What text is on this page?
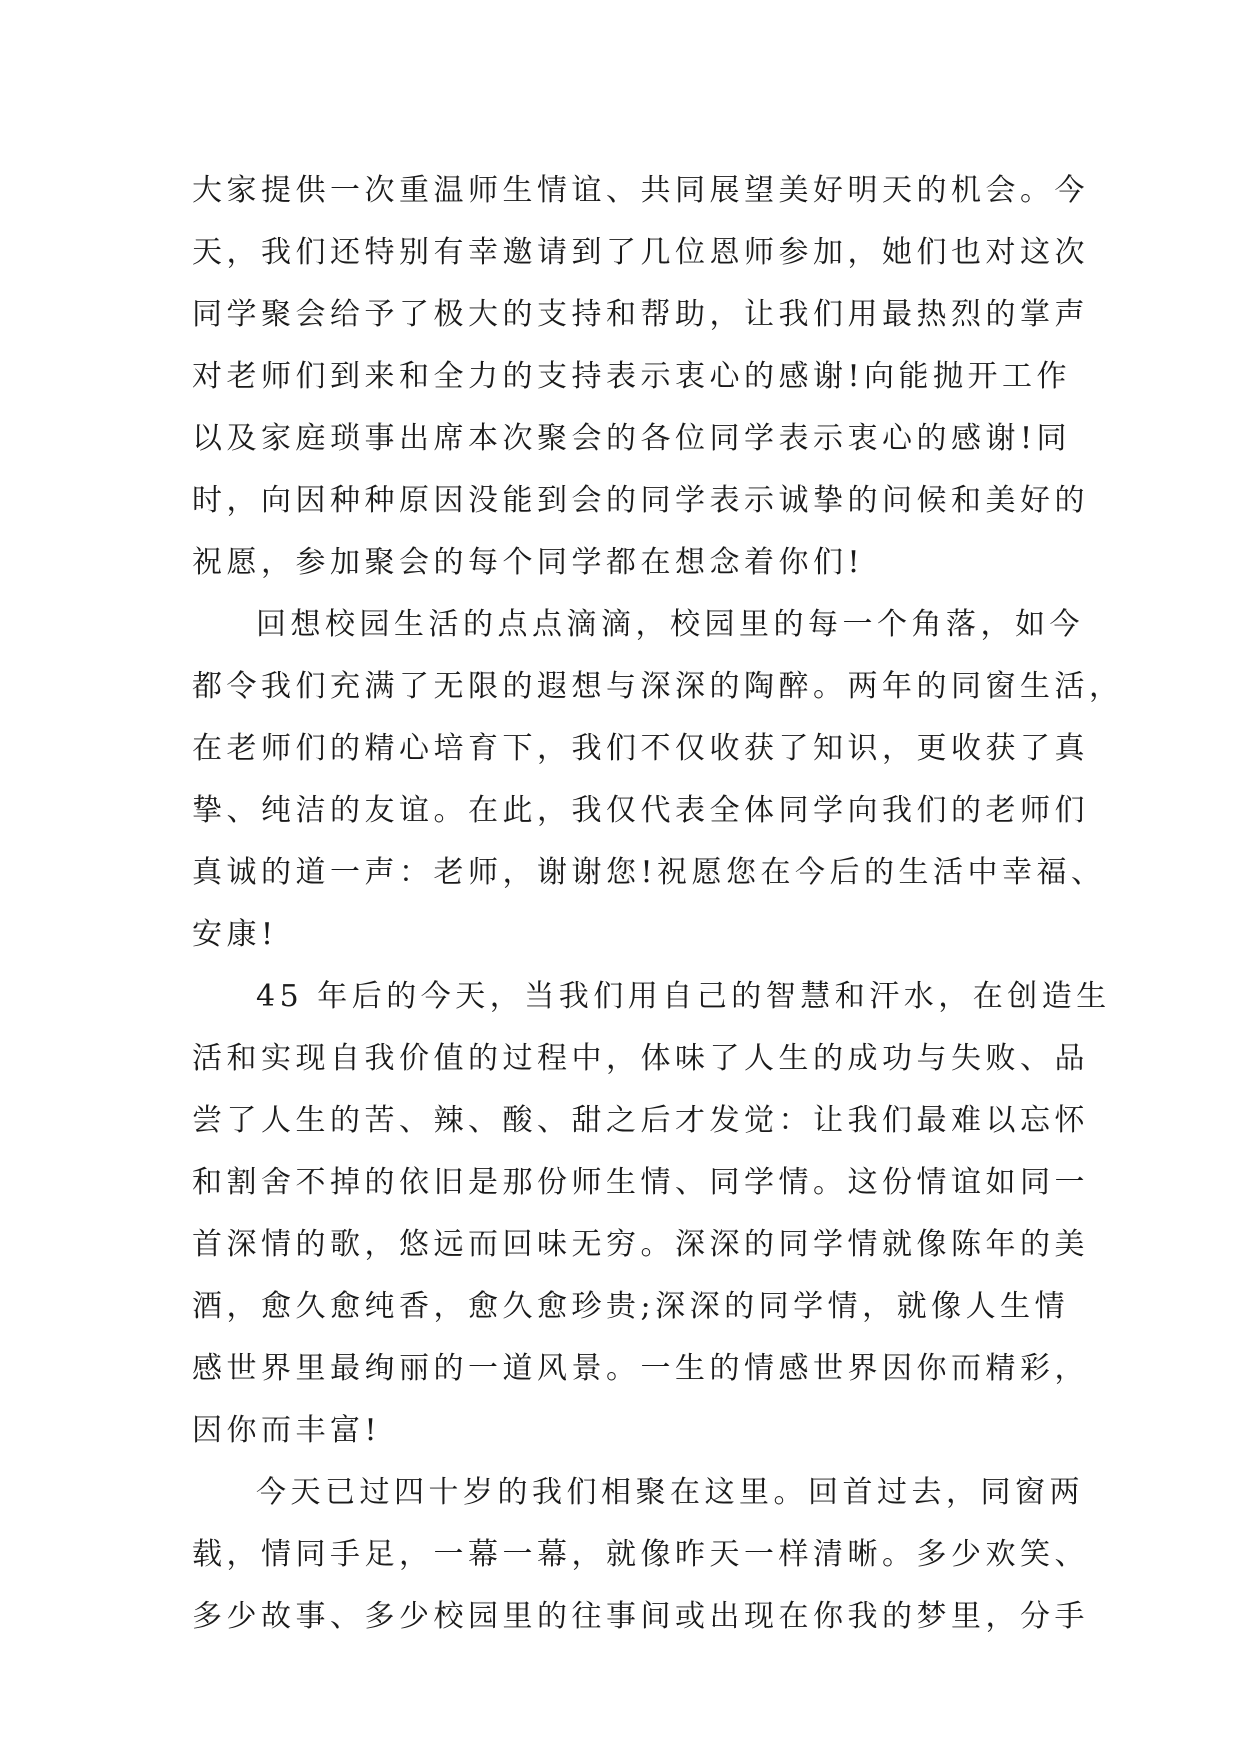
大家提供一次重温师生情谊、共同展望美好明天的机会。今
天，我们还特别有幸邀请到了几位恩师参加，她们也对这次
同学聚会给予了极大的支持和帮助，让我们用最热烈的掌声
对老师们到来和全力的支持表示衷心的感谢!向能抛开工作
以及家庭琐事出席本次聚会的各位同学表示衷心的感谢!同
时，向因种种原因没能到会的同学表示诚挚的问候和美好的
祝愿，参加聚会的每个同学都在想念着你们!
回想校园生活的点点滴滴，校园里的每一个角落，如今
都令我们充满了无限的遐想与深深的陶醉。两年的同窗生活，
在老师们的精心培育下，我们不仅收获了知识，更收获了真
挚、纯洁的友谊。在此，我仅代表全体同学向我们的老师们
真诚的道一声：老师，谢谢您!祝愿您在今后的生活中幸福、
安康!
45 年后的今天，当我们用自己的智慧和汗水，在创造生
活和实现自我价值的过程中，体味了人生的成功与失败、品
尝了人生的苦、辣、酸、甜之后才发觉：让我们最难以忘怀
和割舍不掉的依旧是那份师生情、同学情。这份情谊如同一
首深情的歌，悠远而回味无穷。深深的同学情就像陈年的美
酒，愈久愈纯香，愈久愈珍贵;深深的同学情，就像人生情
感世界里最绚丽的一道风景。一生的情感世界因你而精彩，
因你而丰富!
今天已过四十岁的我们相聚在这里。回首过去，同窗两
载，情同手足，一幕一幕，就像昨天一样清晰。多少欢笑、
多少故事、多少校园里的往事间或出现在你我的梦里，分手
